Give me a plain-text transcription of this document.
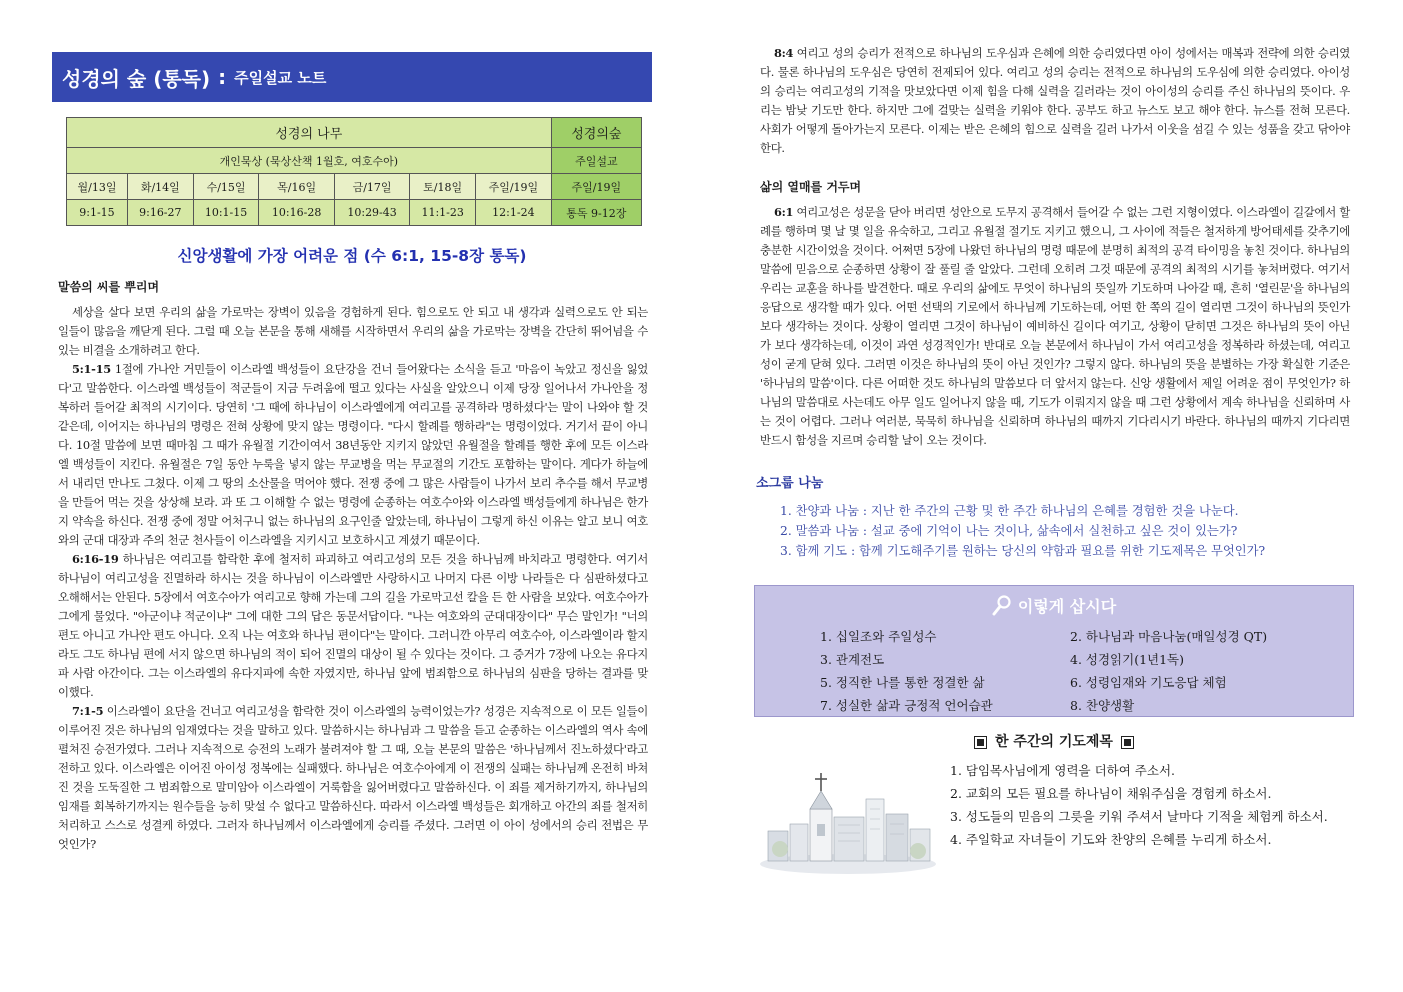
성경의 숲 (통독) : 주일설교 노트
성경의 나무							성경의숲
개인묵상 (묵상산책 1월호, 여호수아)							주일설교
월/13일	화/14일	수/15일	목/16일	금/17일	토/18일	주일/19일	주일/19일
9:1-15	9:16-27	10:1-15	10:16-28	10:29-43	11:1-23	12:1-24	통독 9-12장
신앙생활에 가장 어려운 점 (수 6:1, 15-8장 통독)
말씀의 씨를 뿌리며

세상을 살다 보면 우리의 삶을 가로막는 장벽이 있음을 경험하게 된다. 힘으로도 안 되고 내 생각과 실력으로도 안 되는 일들이 많음을 깨닫게 된다. 그럴 때 오늘 본문을 통해 새해를 시작하면서 우리의 삶을 가로막는 장벽을 간단히 뛰어넘을 수 있는 비결을 소개하려고 한다.

5:1-15 1절에 가나안 거민들이 이스라엘 백성들이 요단강을 건너 들어왔다는 소식을 듣고 '마음이 녹았고 정신을 잃었다'고 말씀한다. 이스라엘 백성들이 적군들이 지금 두려움에 떨고 있다는 사실을 알았으니 이제 당장 일어나서 가나안을 정복하러 들어갈 최적의 시기이다. 당연히 '그 때에 하나님이 이스라엘에게 여리고를 공격하라 명하셨다'는 말이 나와야 할 것 같은데, 이어지는 하나님의 명령은 전혀 상황에 맞지 않는 명령이다. "다시 할례를 행하라"는 명령이었다. 거기서 끝이 아니다. 10절 말씀에 보면 때마침 그 때가 유월절 기간이여서 38년동안 지키지 않았던 유월절을 할례를 행한 후에 모든 이스라엘 백성들이 지킨다. 유월절은 7일 동안 누룩을 넣지 않는 무교병을 먹는 무교절의 기간도 포함하는 말이다. 게다가 하늘에서 내리던 만나도 그쳤다. 이제 그 땅의 소산물을 먹어야 했다. 전쟁 중에 그 많은 사람들이 나가서 보리 추수를 해서 무교병을 만들어 먹는 것을 상상해 보라. 과 또 그 이해할 수 없는 명령에 순종하는 여호수아와 이스라엘 백성들에게 하나님은 한가지 약속을 하신다. 전쟁 중에 정말 어처구니 없는 하나님의 요구인줄 알았는데, 하나님이 그렇게 하신 이유는 알고 보니 여호와의 군대 대장과 주의 천군 천사들이 이스라엘을 지키시고 보호하시고 계셨기 때문이다.

6:16-19 하나님은 여리고를 함락한 후에 철저히 파괴하고 여리고성의 모든 것을 하나님께 바치라고 명령한다. 여기서 하나님이 여리고성을 진멸하라 하시는 것을 하나님이 이스라엘만 사랑하시고 나머지 다른 이방 나라들은 다 심판하셨다고 오해해서는 안된다. 5장에서 여호수아가 여리고로 향해 가는데 그의 길을 가로막고선 칼을 든 한 사람을 보았다. 여호수아가 그에게 물었다. "아군이냐 적군이냐" 그에 대한 그의 답은 동문서답이다. "나는 여호와의 군대대장이다" 무슨 말인가! "너의 편도 아니고 가나안 편도 아니다. 오직 나는 여호와 하나님 편이다"는 말이다. 그러니깐 아무리 여호수아, 이스라엘이라 할지라도 그도 하나님 편에 서지 않으면 하나님의 적이 되어 진멸의 대상이 될 수 있다는 것이다. 그 증거가 7장에 나오는 유다지파 사람 아간이다. 그는 이스라엘의 유다지파에 속한 자였지만, 하나님 앞에 범죄함으로 하나님의 심판을 당하는 결과를 맞이했다.

7:1-5 이스라엘이 요단을 건너고 여리고성을 함락한 것이 이스라엘의 능력이었는가? 성경은 지속적으로 이 모든 일들이 이루어진 것은 하나님의 임재였다는 것을 말하고 있다. 말씀하시는 하나님과 그 말씀을 듣고 순종하는 이스라엘의 역사 속에 펼쳐진 승전가였다. 그러나 지속적으로 승전의 노래가 불려져야 할 그 때, 오늘 본문의 말씀은 '하나님께서 진노하셨다'라고 전하고 있다. 이스라엘은 이어진 아이성 정복에는 실패했다. 하나님은 여호수아에게 이 전쟁의 실패는 하나님께 온전히 바쳐진 것을 도둑질한 그 범죄함으로 말미암아 이스라엘이 거룩함을 잃어버렸다고 말씀하신다. 이 죄를 제거하기까지, 하나님의 임재를 회복하기까지는 원수들을 능히 맞설 수 없다고 말씀하신다. 따라서 이스라엘 백성들은 회개하고 아간의 죄를 철저히 처리하고 스스로 성결케 하였다. 그러자 하나님께서 이스라엘에게 승리를 주셨다. 그러면 이 아이 성에서의 승리 전법은 무엇인가?

8:4 여리고 성의 승리가 전적으로 하나님의 도우심과 은혜에 의한 승리였다면 아이 성에서는 매복과 전략에 의한 승리였다. 물론 하나님의 도우심은 당연히 전제되어 있다. 여리고 성의 승리는 전적으로 하나님의 도우심에 의한 승리였다. 아이성의 승리는 여리고성의 기적을 맛보았다면 이제 힘을 다해 실력을 길러라는 것이 아이성의 승리를 주신 하나님의 뜻이다. 우리는 밤낮 기도만 한다. 하지만 그에 걸맞는 실력을 키워야 한다. 공부도 하고 뉴스도 보고 해야 한다. 뉴스를 전혀 모른다. 사회가 어떻게 돌아가는지 모른다. 이제는 받은 은혜의 힘으로 실력을 길러 나가서 이웃을 섬길 수 있는 성품을 갖고 닦아야 한다.

삶의 열매를 거두며

6:1 여리고성은 성문을 닫아 버리면 성안으로 도무지 공격해서 들어갈 수 없는 그런 지형이였다. 이스라엘이 길갈에서 할례를 행하며 몇 날 몇 일을 유숙하고, 그리고 유월절 절기도 지키고 했으니, 그 사이에 적들은 철저하게 방어태세를 갖추기에 충분한 시간이었을 것이다. 어쩌면 5장에 나왔던 하나님의 명령 때문에 분명히 최적의 공격 타이밍을 놓친 것이다. 하나님의 말씀에 믿음으로 순종하면 상황이 잘 풀릴 줄 알았다. 그런데 오히려 그것 때문에 공격의 최적의 시기를 놓쳐버렸다. 여기서 우리는 교훈을 하나를 발견한다. 때로 우리의 삶에도 무엇이 하나님의 뜻일까 기도하며 나아갈 때, 흔히 '열린문'을 하나님의 응답으로 생각할 때가 있다. 어떤 선택의 기로에서 하나님께 기도하는데, 어떤 한 쪽의 길이 열리면 그것이 하나님의 뜻인가 보다 생각하는 것이다. 상황이 열리면 그것이 하나님이 예비하신 길이다 여기고, 상황이 닫히면 그것은 하나님의 뜻이 아닌가 보다 생각하는데, 이것이 과연 성경적인가! 반대로 오늘 본문에서 하나님이 가서 여리고성을 정복하라 하셨는데, 여리고성이 굳게 닫혀 있다. 그러면 이것은 하나님의 뜻이 아닌 것인가? 그렇지 않다. 하나님의 뜻을 분별하는 가장 확실한 기준은 '하나님의 말씀'이다. 다른 어떠한 것도 하나님의 말씀보다 더 앞서지 않는다. 신앙 생활에서 제일 어려운 점이 무엇인가? 하나님의 말씀대로 사는데도 아무 일도 일어나지 않을 때, 기도가 이뤄지지 않을 때 그런 상황에서 계속 하나님을 신뢰하며 사는 것이 어렵다. 그러나 여러분, 묵묵히 하나님을 신뢰하며 하나님의 때까지 기다리시기 바란다. 하나님의 때까지 기다리면 반드시 함성을 지르며 승리할 날이 오는 것이다.

소그룹 나눔
1. 찬양과 나눔 : 지난 한 주간의 근황 및 한 주간 하나님의 은혜를 경험한 것을 나눈다.
2. 말씀과 나눔 : 설교 중에 기억이 나는 것이나, 삶속에서 실천하고 싶은 것이 있는가?
3. 함께 기도 : 함께 기도해주기를 원하는 당신의 약함과 필요를 위한 기도제목은 무엇인가?
이렇게 삽시다
1. 십일조와 주일성수	2. 하나님과 마음나눔(매일성경 QT)
3. 관계전도	4. 성경읽기(1년1독)
5. 정직한 나를 통한 정결한 삶	6. 성령임재와 기도응답 체험
7. 성실한 삶과 긍정적 언어습관	8. 찬양생활
한 주간의 기도제목
1. 담임목사님에게 영력을 더하여 주소서.
2. 교회의 모든 필요를 하나님이 채워주심을 경험케 하소서.
3. 성도들의 믿음의 그릇을 키워 주셔서 날마다 기적을 체험케 하소서.
4. 주일학교 자녀들이 기도와 찬양의 은혜를 누리게 하소서.
